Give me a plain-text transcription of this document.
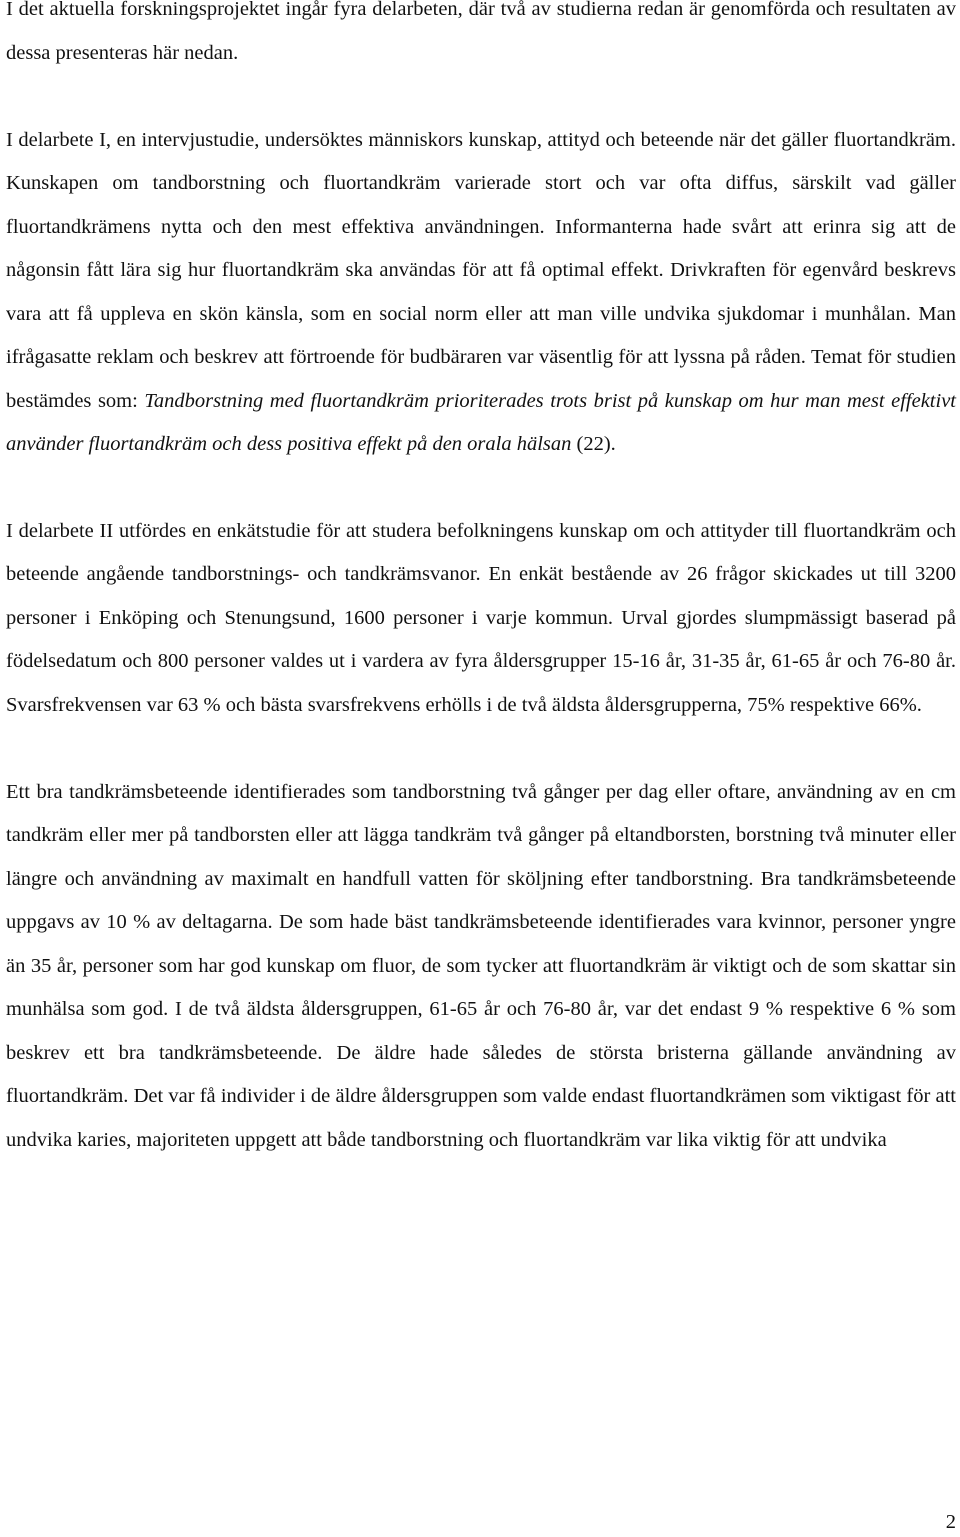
I det aktuella forskningsprojektet ingår fyra delarbeten, där två av studierna redan är genomförda och resultaten av dessa presenteras här nedan.

I delarbete I, en intervjustudie, undersöktes människors kunskap, attityd och beteende när det gäller fluortandkräm. Kunskapen om tandborstning och fluortandkräm varierade stort och var ofta diffus, särskilt vad gäller fluortandkrämens nytta och den mest effektiva användningen. Informanterna hade svårt att erinra sig att de någonsin fått lära sig hur fluortandkräm ska användas för att få optimal effekt. Drivkraften för egenvård beskrevs vara att få uppleva en skön känsla, som en social norm eller att man ville undvika sjukdomar i munhålan. Man ifrågasatte reklam och beskrev att förtroende för budbäraren var väsentlig för att lyssna på råden. Temat för studien bestämdes som: Tandborstning med fluortandkräm prioriterades trots brist på kunskap om hur man mest effektivt använder fluortandkräm och dess positiva effekt på den orala hälsan (22).

I delarbete II utfördes en enkätstudie för att studera befolkningens kunskap om och attityder till fluortandkräm och beteende angående tandborstnings- och tandkrämsvanor. En enkät bestående av 26 frågor skickades ut till 3200 personer i Enköping och Stenungsund, 1600 personer i varje kommun. Urval gjordes slumpmässigt baserad på födelsedatum och 800 personer valdes ut i vardera av fyra åldersgrupper 15-16 år, 31-35 år, 61-65 år och 76-80 år. Svarsfrekvensen var 63 % och bästa svarsfrekvens erhölls i de två äldsta åldersgrupperna, 75% respektive 66%.

Ett bra tandkrämsbeteende identifierades som tandborstning två gånger per dag eller oftare, användning av en cm tandkräm eller mer på tandborsten eller att lägga tandkräm två gånger på eltandborsten, borstning två minuter eller längre och användning av maximalt en handfull vatten för sköljning efter tandborstning. Bra tandkrämsbeteende uppgavs av 10 % av deltagarna. De som hade bäst tandkrämsbeteende identifierades vara kvinnor, personer yngre än 35 år, personer som har god kunskap om fluor, de som tycker att fluortandkräm är viktigt och de som skattar sin munhälsa som god. I de två äldsta åldersgruppen, 61-65 år och 76-80 år, var det endast 9 % respektive 6 % som beskrev ett bra tandkrämsbeteende. De äldre hade således de största bristerna gällande användning av fluortandkräm. Det var få individer i de äldre åldersgruppen som valde endast fluortandkrämen som viktigast för att undvika karies, majoriteten uppgett att både tandborstning och fluortandkräm var lika viktig för att undvika

2
